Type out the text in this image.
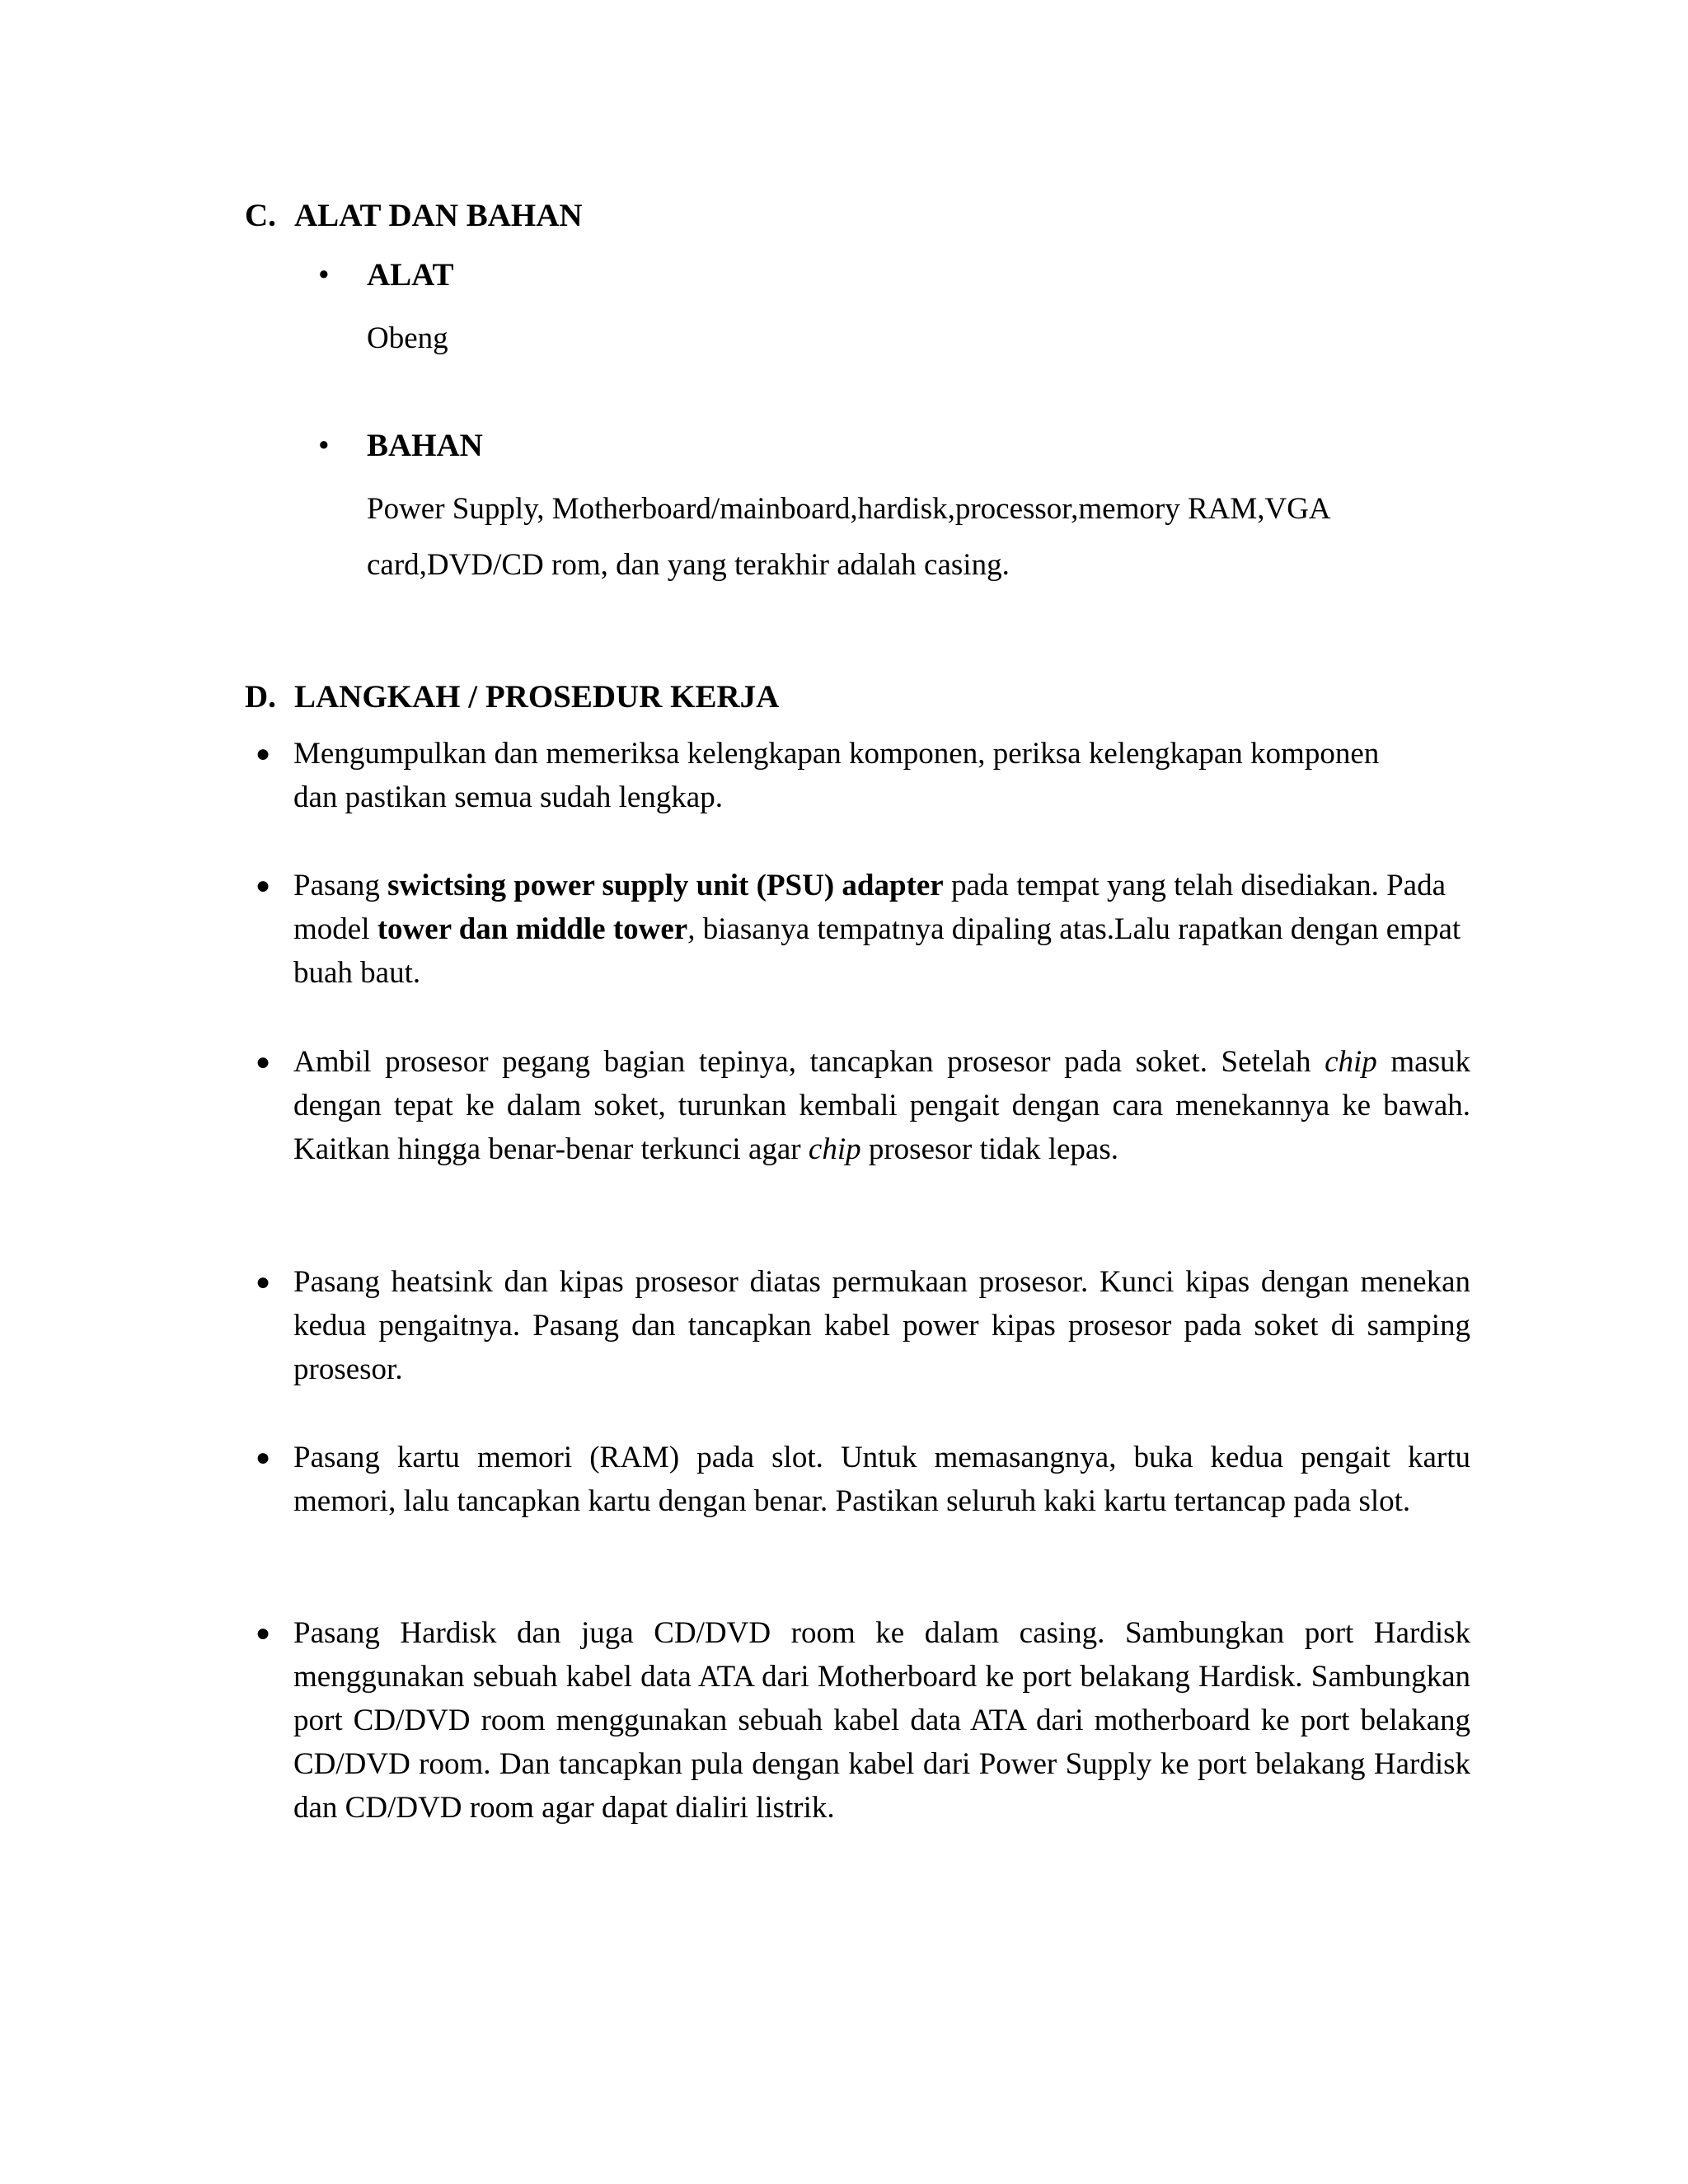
C. ALAT DAN BAHAN
• ALAT
Obeng
• BAHAN
Power Supply, Motherboard/mainboard,hardisk,processor,memory RAM,VGA
card,DVD/CD rom, dan yang terakhir adalah casing.
D. LANGKAH / PROSEDUR KERJA
● Mengumpulkan dan memeriksa kelengkapan komponen, periksa kelengkapan komponen
dan pastikan semua sudah lengkap.
● Pasang swictsing power supply unit (PSU) adapter pada tempat yang telah disediakan. Pada model tower dan middle tower, biasanya tempatnya dipaling atas.Lalu rapatkan dengan empat buah baut.
● Ambil prosesor pegang bagian tepinya, tancapkan prosesor pada soket. Setelah chip masuk dengan tepat ke dalam soket, turunkan kembali pengait dengan cara menekannya ke bawah. Kaitkan hingga benar-benar terkunci agar chip prosesor tidak lepas.
● Pasang heatsink dan kipas prosesor diatas permukaan prosesor. Kunci kipas dengan menekan kedua pengaitnya. Pasang dan tancapkan kabel power kipas prosesor pada soket di samping prosesor.
● Pasang kartu memori (RAM) pada slot. Untuk memasangnya, buka kedua pengait kartu memori, lalu tancapkan kartu dengan benar. Pastikan seluruh kaki kartu tertancap pada slot.
● Pasang Hardisk dan juga CD/DVD room ke dalam casing. Sambungkan port Hardisk menggunakan sebuah kabel data ATA dari Motherboard ke port belakang Hardisk. Sambungkan port CD/DVD room menggunakan sebuah kabel data ATA dari motherboard ke port belakang CD/DVD room. Dan tancapkan pula dengan kabel dari Power Supply ke port belakang Hardisk dan CD/DVD room agar dapat dialiri listrik.
